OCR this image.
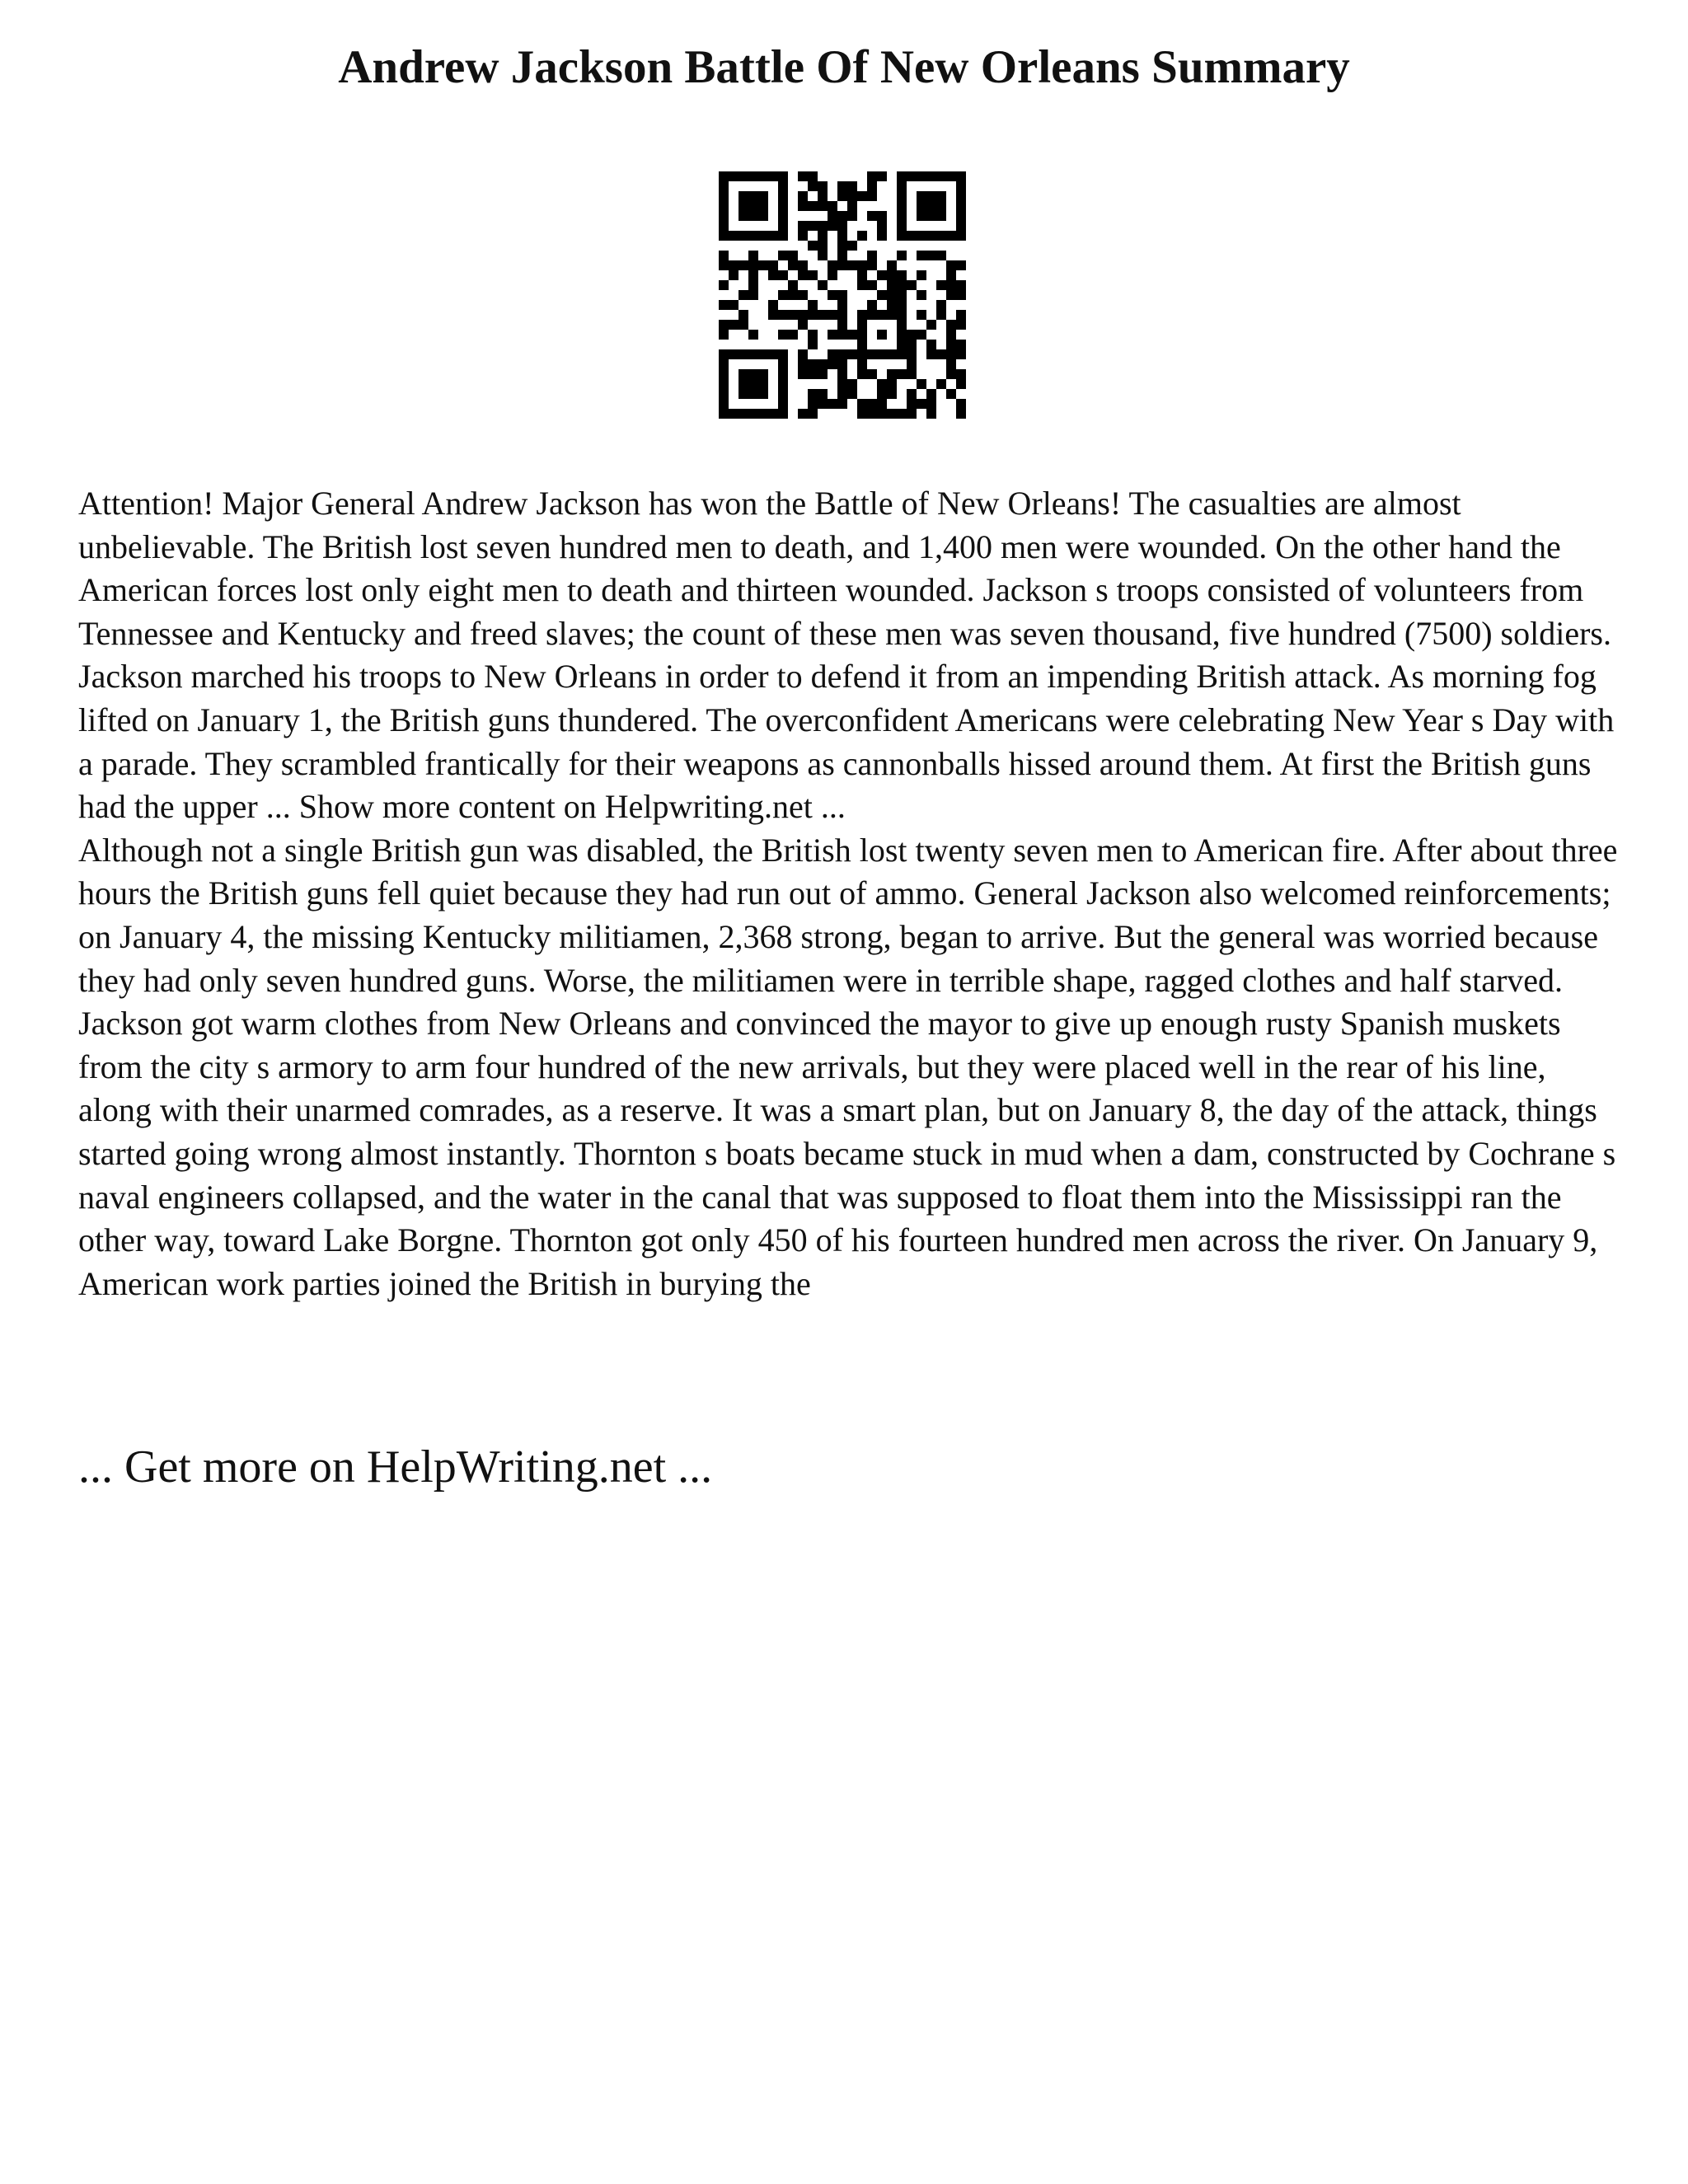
Andrew Jackson Battle Of New Orleans Summary

Attention! Major General Andrew Jackson has won the Battle of New Orleans! The casualties are almost unbelievable. The British lost seven hundred men to death, and 1,400 men were wounded. On the other hand the American forces lost only eight men to death and thirteen wounded. Jackson s troops consisted of volunteers from Tennessee and Kentucky and freed slaves; the count of these men was seven thousand, five hundred (7500) soldiers. Jackson marched his troops to New Orleans in order to defend it from an impending British attack. As morning fog lifted on January 1, the British guns thundered. The overconfident Americans were celebrating New Year s Day with a parade. They scrambled frantically for their weapons as cannonballs hissed around them. At first the British guns had the upper ... Show more content on Helpwriting.net ...

Although not a single British gun was disabled, the British lost twenty seven men to American fire. After about three hours the British guns fell quiet because they had run out of ammo. General Jackson also welcomed reinforcements; on January 4, the missing Kentucky militiamen, 2,368 strong, began to arrive. But the general was worried because they had only seven hundred guns. Worse, the militiamen were in terrible shape, ragged clothes and half starved. Jackson got warm clothes from New Orleans and convinced the mayor to give up enough rusty Spanish muskets from the city s armory to arm four hundred of the new arrivals, but they were placed well in the rear of his line, along with their unarmed comrades, as a reserve. It was a smart plan, but on January 8, the day of the attack, things started going wrong almost instantly. Thornton s boats became stuck in mud when a dam, constructed by Cochrane s naval engineers collapsed, and the water in the canal that was supposed to float them into the Mississippi ran the other way, toward Lake Borgne. Thornton got only 450 of his fourteen hundred men across the river. On January 9, American work parties joined the British in burying the

... Get more on HelpWriting.net ...
